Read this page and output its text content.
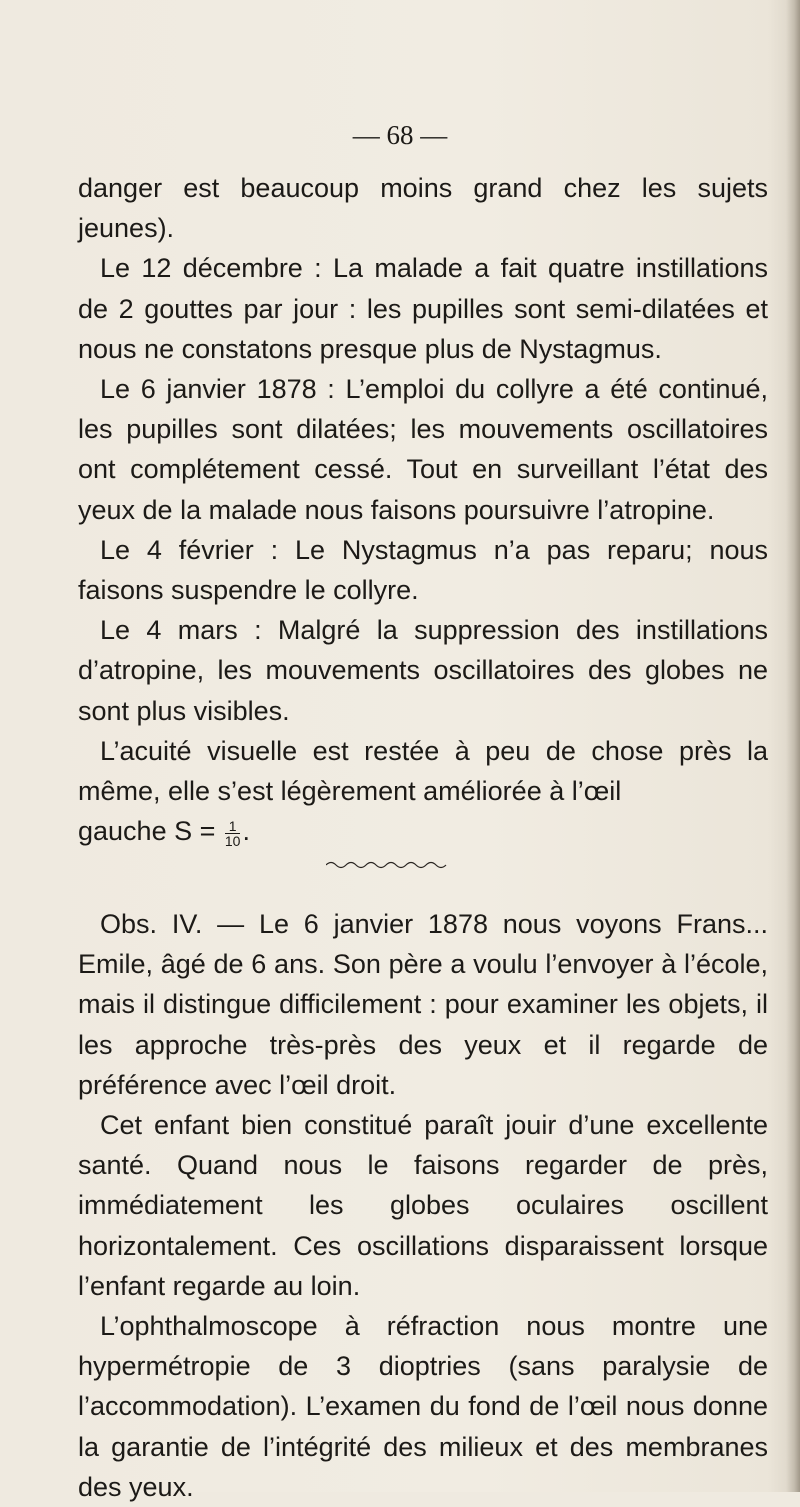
— 68 —

danger est beaucoup moins grand chez les sujets jeunes).

Le 12 décembre : La malade a fait quatre instillations de 2 gouttes par jour : les pupilles sont semi-dilatées et nous ne constatons presque plus de Nystagmus.

Le 6 janvier 1878 : L’emploi du collyre a été continué, les pupilles sont dilatées; les mouvements oscillatoires ont complétement cessé. Tout en surveillant l’état des yeux de la malade nous faisons poursuivre l’atropine.

Le 4 février : Le Nystagmus n’a pas reparu; nous faisons suspendre le collyre.

Le 4 mars : Malgré la suppression des instillations d’atropine, les mouvements oscillatoires des globes ne sont plus visibles.

L’acuité visuelle est restée à peu de chose près la même, elle s’est légèrement améliorée à l’œil

gauche $S = \frac{1}{10}$ .

Obs. IV. — Le 6 janvier 1878 nous voyons Frans... Emile, âgé de 6 ans. Son père a voulu l’envoyer à l’école, mais il distingue difficilement : pour examiner les objets, il les approche très-près des yeux et il regarde de préférence avec l’œil droit.

Cet enfant bien constitué paraît jouir d’une excellente santé. Quand nous le faisons regarder de près, immédiatement les globes oculaires oscillent horizontalement. Ces oscillations disparaissent lorsque l’enfant regarde au loin.

L’ophthalmoscope à réfraction nous montre une hypermétropie de 3 dioptries (sans paralysie de l’accommodation). L’examen du fond de l’œil nous donne la garantie de l’intégrité des milieux et des membranes des yeux.
